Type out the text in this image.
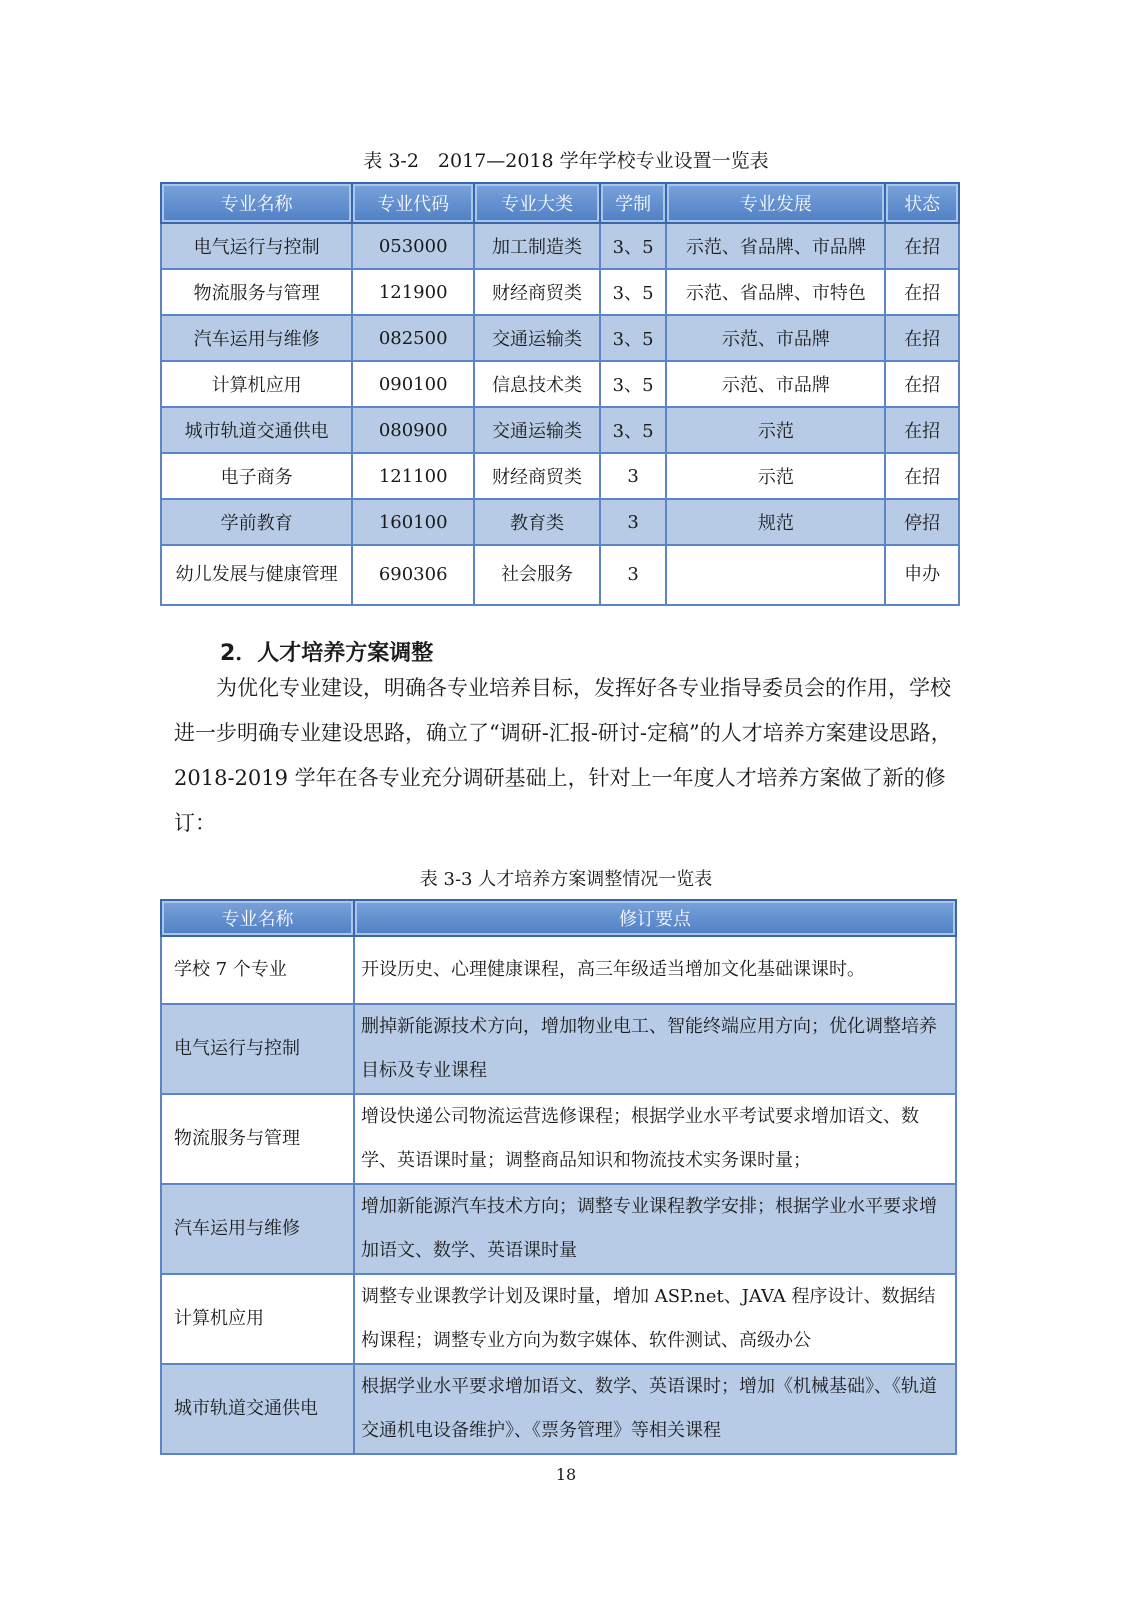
表 3-2　2017—2018 学年学校专业设置一览表
专业名称	专业代码	专业大类	学制	专业发展	状态
电气运行与控制	053000	加工制造类	3、5	示范、省品牌、市品牌	在招
物流服务与管理	121900	财经商贸类	3、5	示范、省品牌、市特色	在招
汽车运用与维修	082500	交通运输类	3、5	示范、市品牌	在招
计算机应用	090100	信息技术类	3、5	示范、市品牌	在招
城市轨道交通供电	080900	交通运输类	3、5	示范	在招
电子商务	121100	财经商贸类	3	示范	在招
学前教育	160100	教育类	3	规范	停招
幼儿发展与健康管理	690306	社会服务	3		申办
2．人才培养方案调整
为优化专业建设，明确各专业培养目标，发挥好各专业指导委员会的作用，学校进一步明确专业建设思路，确立了“调研-汇报-研讨-定稿”的人才培养方案建设思路，2018-2019 学年在各专业充分调研基础上，针对上一年度人才培养方案做了新的修订：
表 3-3 人才培养方案调整情况一览表
专业名称	修订要点
学校 7 个专业	开设历史、心理健康课程，高三年级适当增加文化基础课课时。
电气运行与控制	删掉新能源技术方向，增加物业电工、智能终端应用方向；优化调整培养目标及专业课程
物流服务与管理	增设快递公司物流运营选修课程；根据学业水平考试要求增加语文、数学、英语课时量；调整商品知识和物流技术实务课时量；
汽车运用与维修	增加新能源汽车技术方向；调整专业课程教学安排；根据学业水平要求增加语文、数学、英语课时量
计算机应用	调整专业课教学计划及课时量，增加 ASP.net、JAVA 程序设计、数据结构课程；调整专业方向为数字媒体、软件测试、高级办公
城市轨道交通供电	根据学业水平要求增加语文、数学、英语课时；增加《机械基础》、《轨道交通机电设备维护》、《票务管理》等相关课程
18
